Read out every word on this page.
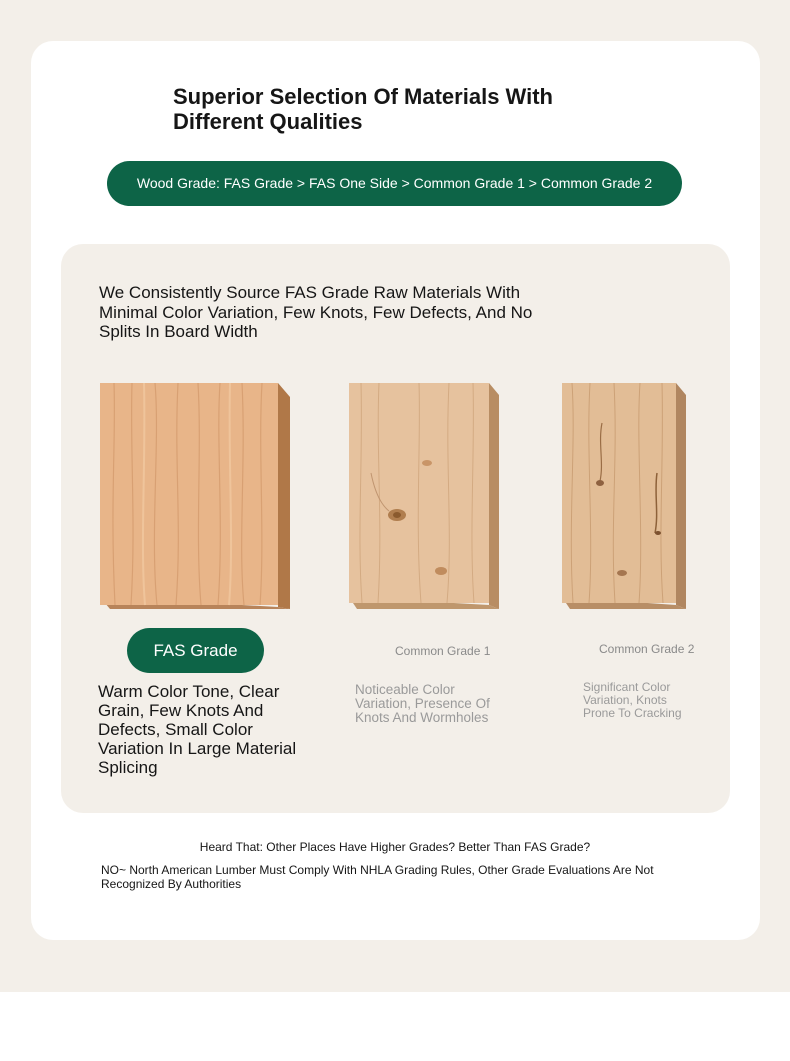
Superior Selection Of Materials With Different Qualities
Wood Grade: FAS Grade > FAS One Side > Common Grade 1 > Common Grade 2
We Consistently Source FAS Grade Raw Materials With Minimal Color Variation, Few Knots, Few Defects, And No Splits In Board Width
FAS Grade	Common Grade 1	Common Grade 2
Warm Color Tone, Clear Grain, Few Knots And Defects, Small Color Variation In Large Material Splicing
Noticeable Color Variation, Presence Of Knots And Wormholes
Significant Color Variation, Knots Prone To Cracking
Heard That: Other Places Have Higher Grades? Better Than FAS Grade?
NO~ North American Lumber Must Comply With NHLA Grading Rules, Other Grade Evaluations Are Not Recognized By Authorities
